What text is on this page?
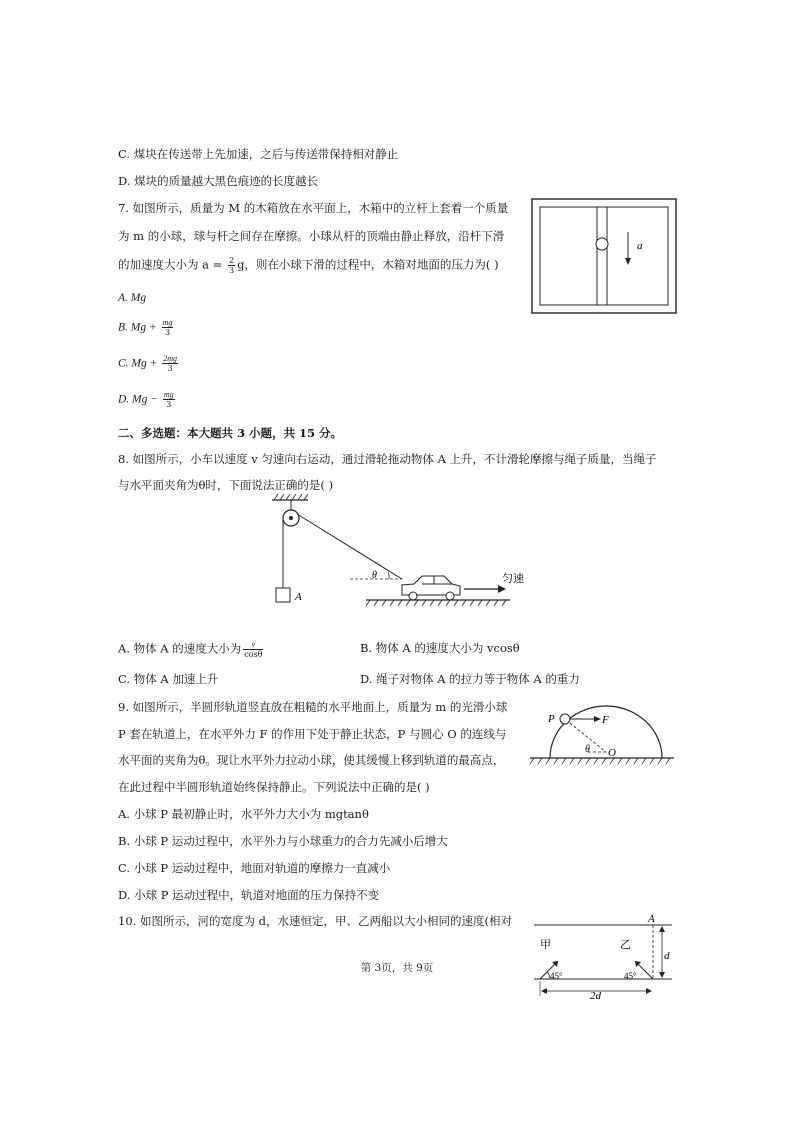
C. 煤块在传送带上先加速，之后与传送带保持相对静止
D. 煤块的质量越大黑色痕迹的长度越长
7. 如图所示，质量为 M 的木箱放在水平面上，木箱中的立杆上套着一个质量
为 m 的小球，球与杆之间存在摩擦。小球从杆的顶端由静止释放，沿杆下滑
的加速度大小为 $a = \frac{2}{3}$ g，则在小球下滑的过程中，木箱对地面的压力为( )
A. Mg
B. $Mg + \frac{mg}{3}$
C. $Mg + \frac{2mg}{3}$
D. $Mg - \frac{mg}{3}$
a
二、多选题：本大题共 3 小题，共 15 分。
8. 如图所示，小车以速度 v 匀速向右运动，通过滑轮拖动物体 A 上升，不计滑轮摩擦与绳子质量，当绳子
与水平面夹角为θ时，下面说法正确的是( )
A
θ	匀速
A. 物体 A 的速度大小为 $\frac{v}{\cos\theta}$	B. 物体 A 的速度大小为 vcosθ
C. 物体 A 加速上升	D. 绳子对物体 A 的拉力等于物体 A 的重力
9. 如图所示，半圆形轨道竖直放在粗糙的水平地面上，质量为 m 的光滑小球
P 套在轨道上，在水平外力 F 的作用下处于静止状态，P 与圆心 O 的连线与
水平面的夹角为θ。现让水平外力拉动小球，使其缓慢上移到轨道的最高点，
在此过程中半圆形轨道始终保持静止。下列说法中正确的是( )
P	F
θ O
A. 小球 P 最初静止时，水平外力大小为 mgtanθ
B. 小球 P 运动过程中，水平外力与小球重力的合力先减小后增大
C. 小球 P 运动过程中，地面对轨道的摩擦力一直减小
D. 小球 P 运动过程中，轨道对地面的压力保持不变
10. 如图所示，河的宽度为 d，水速恒定，甲、乙两船以大小相同的速度(相对	A
d
甲	乙
45°	45°
2d
第 3页，共 9页
